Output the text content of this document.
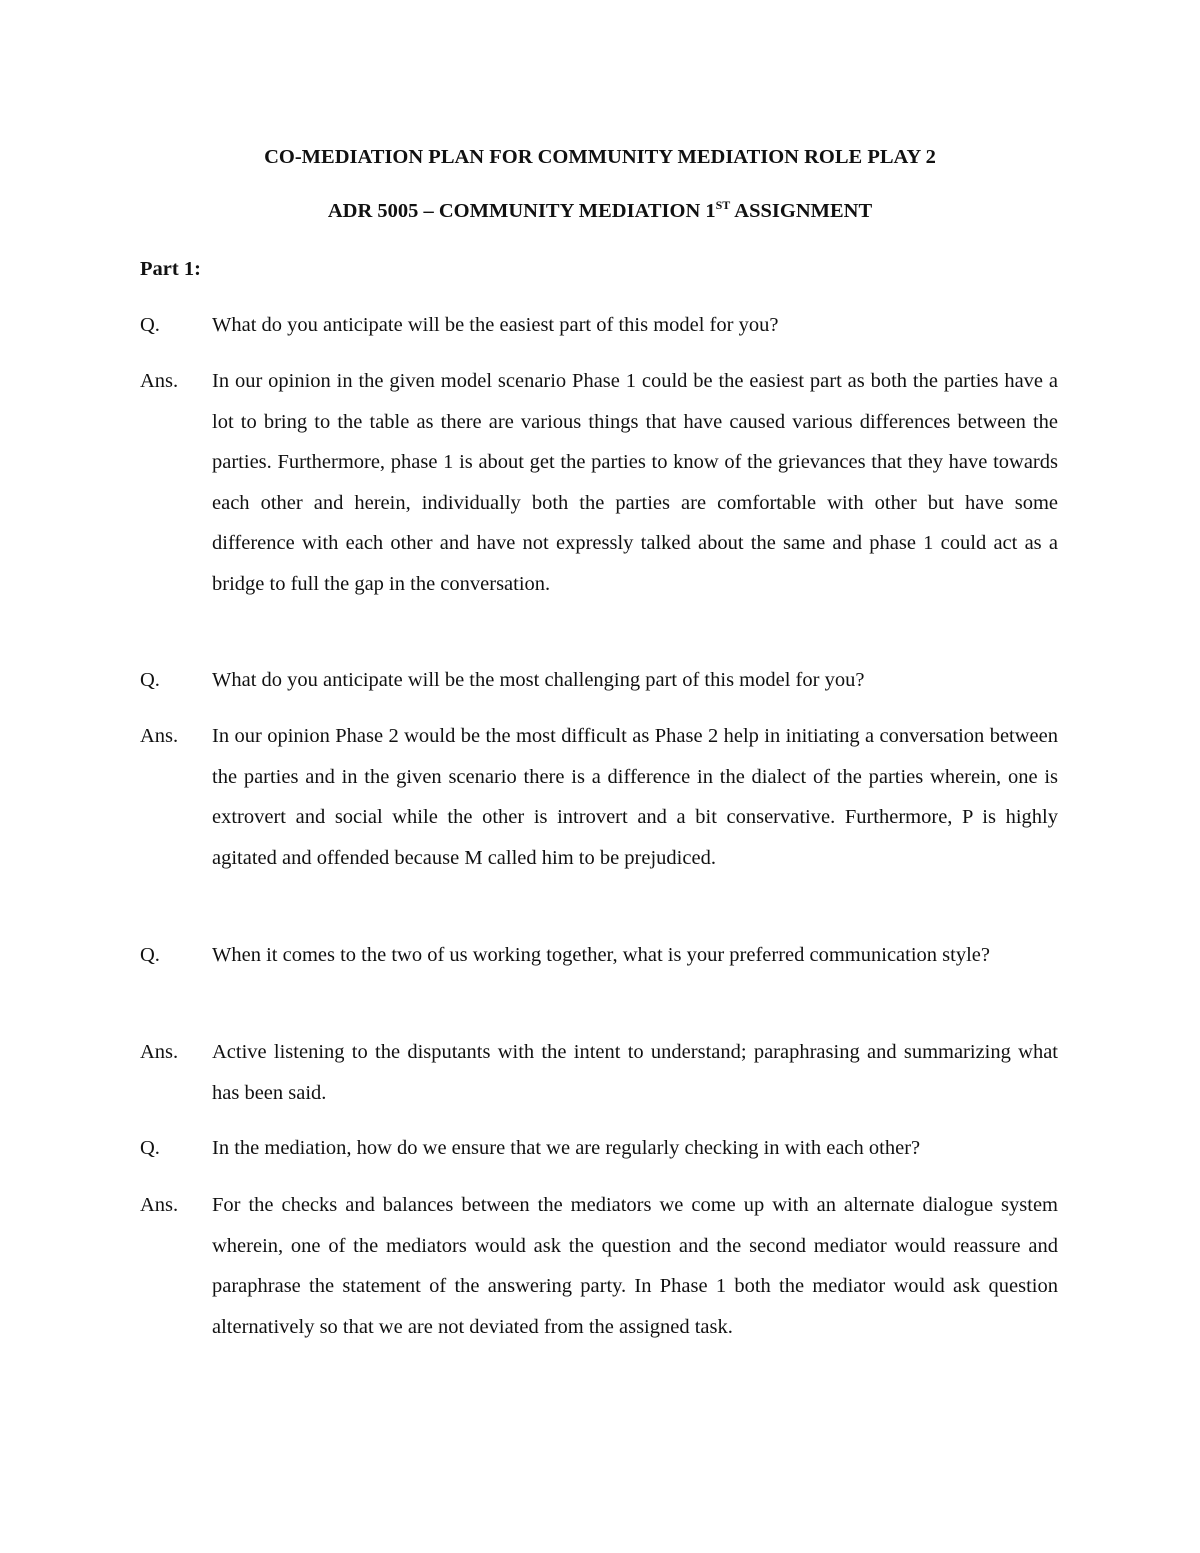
CO-MEDIATION PLAN FOR COMMUNITY MEDIATION ROLE PLAY 2
ADR 5005 – COMMUNITY MEDIATION 1ST ASSIGNMENT
Part 1:
Q.	What do you anticipate will be the easiest part of this model for you?
Ans. In our opinion in the given model scenario Phase 1 could be the easiest part as both the parties have a lot to bring to the table as there are various things that have caused various differences between the parties. Furthermore, phase 1 is about get the parties to know of the grievances that they have towards each other and herein, individually both the parties are comfortable with other but have some difference with each other and have not expressly talked about the same and phase 1 could act as a bridge to full the gap in the conversation.
Q.	What do you anticipate will be the most challenging part of this model for you?
Ans. In our opinion Phase 2 would be the most difficult as Phase 2 help in initiating a conversation between the parties and in the given scenario there is a difference in the dialect of the parties wherein, one is extrovert and social while the other is introvert and a bit conservative. Furthermore, P is highly agitated and offended because M called him to be prejudiced.
Q.	When it comes to the two of us working together, what is your preferred communication style?
Ans. Active listening to the disputants with the intent to understand; paraphrasing and summarizing what has been said.
Q.	In the mediation, how do we ensure that we are regularly checking in with each other?
Ans. For the checks and balances between the mediators we come up with an alternate dialogue system wherein, one of the mediators would ask the question and the second mediator would reassure and paraphrase the statement of the answering party. In Phase 1 both the mediator would ask question alternatively so that we are not deviated from the assigned task.
